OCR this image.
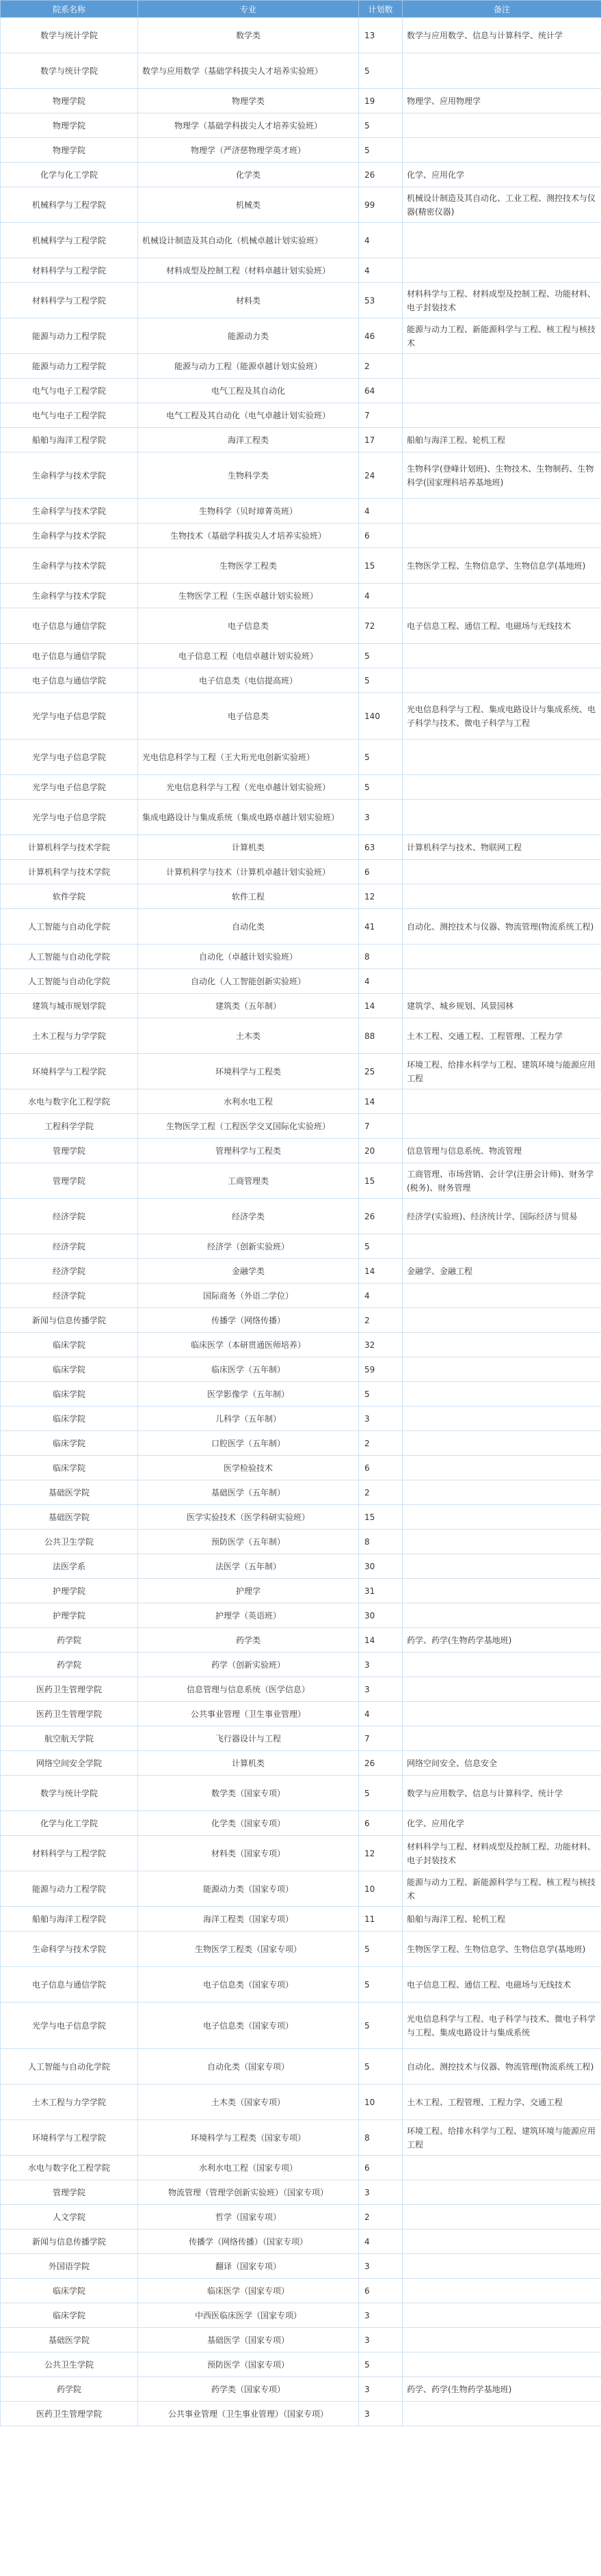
院系名称	专业	计划数	备注
数学与统计学院	数学类	13	数学与应用数学、信息与计算科学、统计学
数学与统计学院	数学与应用数学（基础学科拔尖人才培养实验班）	5	
物理学院	物理学类	19	物理学、应用物理学
物理学院	物理学（基础学科拔尖人才培养实验班）	5	
物理学院	物理学（严济慈物理学英才班）	5	
化学与化工学院	化学类	26	化学、应用化学
机械科学与工程学院	机械类	99	机械设计制造及其自动化、工业工程、测控技术与仪器(精密仪器)
机械科学与工程学院	机械设计制造及其自动化（机械卓越计划实验班）	4	
材料科学与工程学院	材料成型及控制工程（材料卓越计划实验班）	4	
材料科学与工程学院	材料类	53	材料科学与工程、材料成型及控制工程、功能材料、电子封装技术
能源与动力工程学院	能源动力类	46	能源与动力工程、新能源科学与工程、核工程与核技术
能源与动力工程学院	能源与动力工程（能源卓越计划实验班）	2	
电气与电子工程学院	电气工程及其自动化	64	
电气与电子工程学院	电气工程及其自动化（电气卓越计划实验班）	7	
船舶与海洋工程学院	海洋工程类	17	船舶与海洋工程、轮机工程
生命科学与技术学院	生物科学类	24	生物科学(登峰计划班)、生物技术、生物制药、生物科学(国家理科培养基地班)
生命科学与技术学院	生物科学（贝时璋菁英班）	4	
生命科学与技术学院	生物技术（基础学科拔尖人才培养实验班）	6	
生命科学与技术学院	生物医学工程类	15	生物医学工程、生物信息学、生物信息学(基地班)
生命科学与技术学院	生物医学工程（生医卓越计划实验班）	4	
电子信息与通信学院	电子信息类	72	电子信息工程、通信工程、电磁场与无线技术
电子信息与通信学院	电子信息工程（电信卓越计划实验班）	5	
电子信息与通信学院	电子信息类（电信提高班）	5	
光学与电子信息学院	电子信息类	140	光电信息科学与工程、集成电路设计与集成系统、电子科学与技术、微电子科学与工程
光学与电子信息学院	光电信息科学与工程（王大珩光电创新实验班）	5	
光学与电子信息学院	光电信息科学与工程（光电卓越计划实验班）	5	
光学与电子信息学院	集成电路设计与集成系统（集成电路卓越计划实验班）	3	
计算机科学与技术学院	计算机类	63	计算机科学与技术、物联网工程
计算机科学与技术学院	计算机科学与技术（计算机卓越计划实验班）	6	
软件学院	软件工程	12	
人工智能与自动化学院	自动化类	41	自动化、测控技术与仪器、物流管理(物流系统工程)
人工智能与自动化学院	自动化（卓越计划实验班）	8	
人工智能与自动化学院	自动化（人工智能创新实验班）	4	
建筑与城市规划学院	建筑类（五年制）	14	建筑学、城乡规划、风景园林
土木工程与力学学院	土木类	88	土木工程、交通工程、工程管理、工程力学
环境科学与工程学院	环境科学与工程类	25	环境工程、给排水科学与工程、建筑环境与能源应用工程
水电与数字化工程学院	水利水电工程	14	
工程科学学院	生物医学工程（工程医学交叉国际化实验班）	7	
管理学院	管理科学与工程类	20	信息管理与信息系统、物流管理
管理学院	工商管理类	15	工商管理、市场营销、会计学(注册会计师)、财务学(税务)、财务管理
经济学院	经济学类	26	经济学(实验班)、经济统计学、国际经济与贸易
经济学院	经济学（创新实验班）	5	
经济学院	金融学类	14	金融学、金融工程
经济学院	国际商务（外语二学位）	4	
新闻与信息传播学院	传播学（网络传播）	2	
临床学院	临床医学（本研贯通医师培养）	32	
临床学院	临床医学（五年制）	59	
临床学院	医学影像学（五年制）	5	
临床学院	儿科学（五年制）	3	
临床学院	口腔医学（五年制）	2	
临床学院	医学检验技术	6	
基础医学院	基础医学（五年制）	2	
基础医学院	医学实验技术（医学科研实验班）	15	
公共卫生学院	预防医学（五年制）	8	
法医学系	法医学（五年制）	30	
护理学院	护理学	31	
护理学院	护理学（英语班）	30	
药学院	药学类	14	药学、药学(生物药学基地班)
药学院	药学（创新实验班）	3	
医药卫生管理学院	信息管理与信息系统（医学信息）	3	
医药卫生管理学院	公共事业管理（卫生事业管理）	4	
航空航天学院	飞行器设计与工程	7	
网络空间安全学院	计算机类	26	网络空间安全、信息安全
数学与统计学院	数学类（国家专项）	5	数学与应用数学、信息与计算科学、统计学
化学与化工学院	化学类（国家专项）	6	化学、应用化学
材料科学与工程学院	材料类（国家专项）	12	材料科学与工程、材料成型及控制工程、功能材料、电子封装技术
能源与动力工程学院	能源动力类（国家专项）	10	能源与动力工程、新能源科学与工程、核工程与核技术
船舶与海洋工程学院	海洋工程类（国家专项）	11	船舶与海洋工程、轮机工程
生命科学与技术学院	生物医学工程类（国家专项）	5	生物医学工程、生物信息学、生物信息学(基地班)
电子信息与通信学院	电子信息类（国家专项）	5	电子信息工程、通信工程、电磁场与无线技术
光学与电子信息学院	电子信息类（国家专项）	5	光电信息科学与工程、电子科学与技术、微电子科学与工程、集成电路设计与集成系统
人工智能与自动化学院	自动化类（国家专项）	5	自动化、测控技术与仪器、物流管理(物流系统工程)
土木工程与力学学院	土木类（国家专项）	10	土木工程、工程管理、工程力学、交通工程
环境科学与工程学院	环境科学与工程类（国家专项）	8	环境工程、给排水科学与工程、建筑环境与能源应用工程
水电与数字化工程学院	水利水电工程（国家专项）	6	
管理学院	物流管理（管理学创新实验班）（国家专项）	3	
人文学院	哲学（国家专项）	2	
新闻与信息传播学院	传播学（网络传播）（国家专项）	4	
外国语学院	翻译（国家专项）	3	
临床学院	临床医学（国家专项）	6	
临床学院	中西医临床医学（国家专项）	3	
基础医学院	基础医学（国家专项）	3	
公共卫生学院	预防医学（国家专项）	5	
药学院	药学类（国家专项）	3	药学、药学(生物药学基地班)
医药卫生管理学院	公共事业管理（卫生事业管理）（国家专项）	3	
